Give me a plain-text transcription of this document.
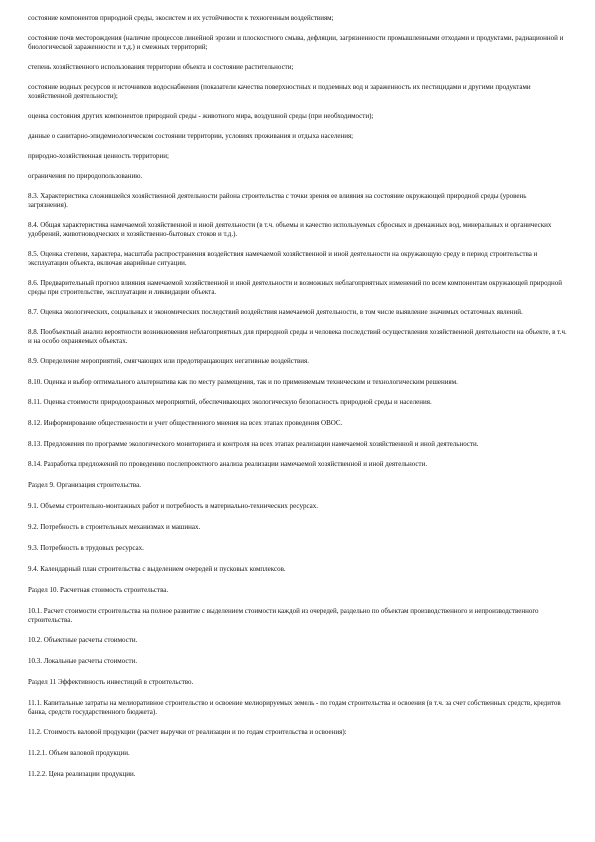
состояние компонентов природной среды, экосистем и их устойчивости к техногенным воздействиям;

состояние почв месторождения (наличие процессов линейной эрозии и плоскостного смыва, дефляции, загрязненности промышленными отходами и продуктами, радиационной и биологической зараженности и т.д.) и смежных территорий;

степень хозяйственного использования территории объекта и состояние растительности;

состояние водных ресурсов и источников водоснабжения (показатели качества поверхностных и подземных вод и зараженность их пестицидами и другими продуктами хозяйственной деятельности);

оценка состояния других компонентов природной среды - животного мира, воздушной среды (при необходимости);

данные о санитарно-эпидемиологическом состоянии территории, условиях проживания и отдыха населения;

природно-хозяйственная ценность территории;

ограничения по природопользованию.

8.3. Характеристика сложившейся хозяйственной деятельности района строительства с точки зрения ее влияния на состояние окружающей природной среды (уровень загрязнения).

8.4. Общая характеристика намечаемой хозяйственной и иной деятельности (в т.ч. объемы и качество используемых сбросных и дренажных вод, минеральных и органических удобрений, животноводческих и хозяйственно-бытовых стоков и т.д.).

8.5. Оценка степени, характера, масштаба распространения воздействия намечаемой хозяйственной и иной деятельности на окружающую среду в период строительства и эксплуатации объекта, включая аварийные ситуации.

8.6. Предварительный прогноз влияния намечаемой хозяйственной и иной деятельности и возможных неблагоприятных изменений по всем компонентам окружающей природной среды при строительстве, эксплуатации и ликвидации объекта.

8.7. Оценка экологических, социальных и экономических последствий воздействия намечаемой деятельности, в том числе выявление значимых остаточных явлений.

8.8. Пообъектный анализ вероятности возникновения неблагоприятных для природной среды и человека последствий осуществления хозяйственной деятельности на объекте, в т.ч. и на особо охраняемых объектах.

8.9. Определение мероприятий, смягчающих или предотвращающих негативные воздействия.

8.10. Оценка и выбор оптимального альтернатива как по месту размещения, так и по применяемым техническим и технологическим решениям.

8.11. Оценка стоимости природоохранных мероприятий, обеспечивающих экологическую безопасность природной среды и населения.

8.12. Информирование общественности и учет общественного мнения на всех этапах проведения ОВОС.

8.13. Предложения по программе экологического мониторинга и контроля на всех этапах реализации намечаемой хозяйственной и иной деятельности.

8.14. Разработка предложений по проведению послепроектного анализа реализации намечаемой хозяйственной и иной деятельности.

Раздел 9. Организация строительства.

9.1. Объемы строительно-монтажных работ и потребность в материально-технических ресурсах.

9.2. Потребность в строительных механизмах и машинах.

9.3. Потребность в трудовых ресурсах.

9.4. Календарный план строительства с выделением очередей и пусковых комплексов.

Раздел 10. Расчетная стоимость строительства.

10.1. Расчет стоимости строительства на полное развитие с выделением стоимости каждой из очередей, раздельно по объектам производственного и непроизводственного строительства.

10.2. Объектные расчеты стоимости.

10.3. Локальные расчеты стоимости.

Раздел 11 Эффективность инвестиций в строительство.

11.1. Капитальные затраты на мелиоративное строительство и освоение мелиорируемых земель - по годам строительства и освоения (в т.ч. за счет собственных средств, кредитов банка, средств государственного бюджета).

11.2. Стоимость валовой продукции (расчет выручки от реализации и по годам строительства и освоения):

11.2.1. Объем валовой продукции.

11.2.2. Цена реализации продукции.
